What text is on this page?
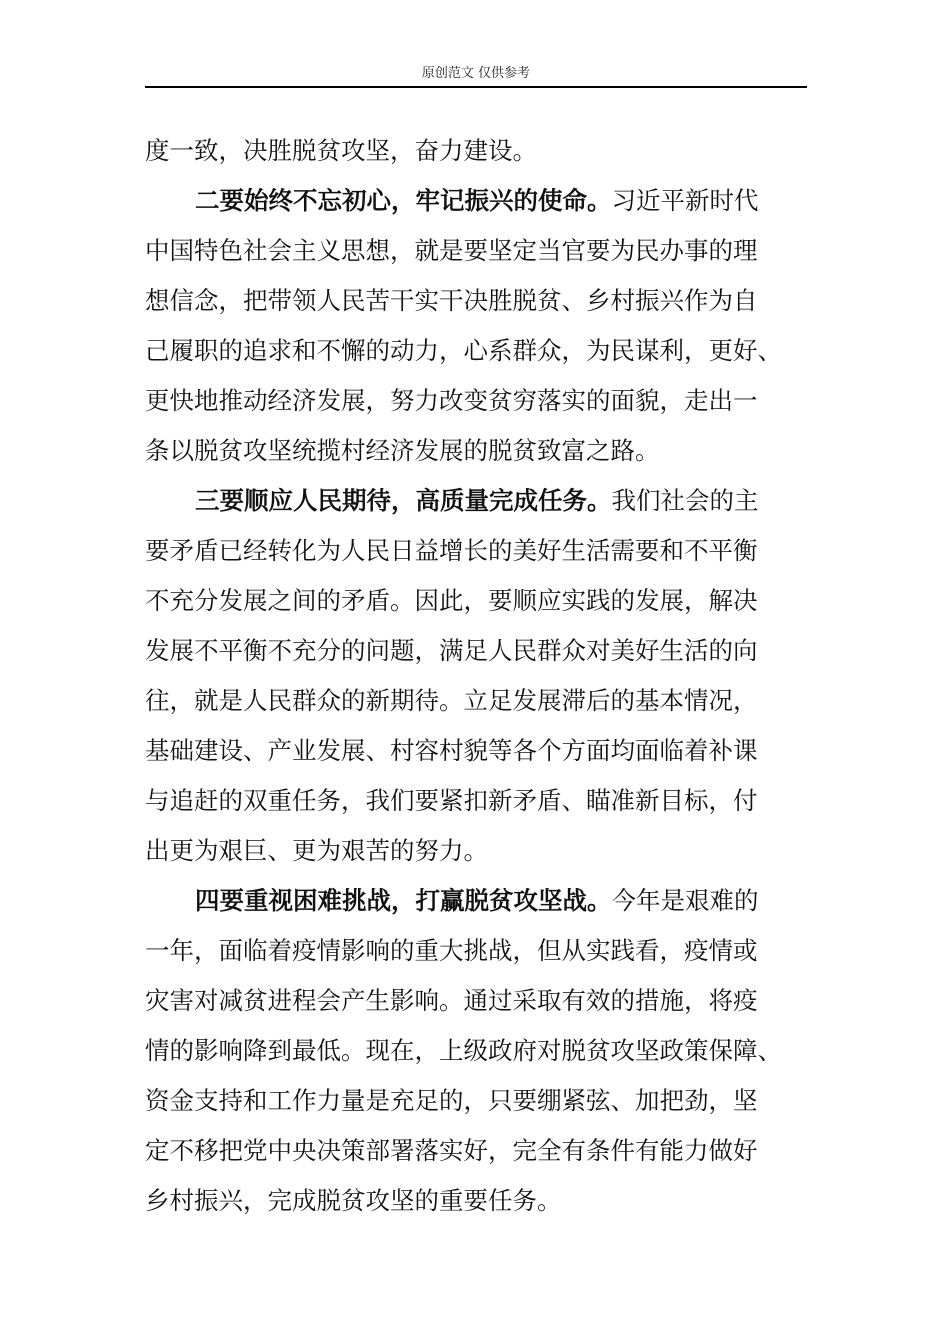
原创范文 仅供参考
度一致，决胜脱贫攻坚，奋力建设。
二要始终不忘初心，牢记振兴的使命。习近平新时代
中国特色社会主义思想，就是要坚定当官要为民办事的理
想信念，把带领人民苦干实干决胜脱贫、乡村振兴作为自
己履职的追求和不懈的动力，心系群众，为民谋利，更好、
更快地推动经济发展，努力改变贫穷落实的面貌，走出一
条以脱贫攻坚统揽村经济发展的脱贫致富之路。
三要顺应人民期待，高质量完成任务。我们社会的主
要矛盾已经转化为人民日益增长的美好生活需要和不平衡
不充分发展之间的矛盾。因此，要顺应实践的发展，解决
发展不平衡不充分的问题，满足人民群众对美好生活的向
往，就是人民群众的新期待。立足发展滞后的基本情况，
基础建设、产业发展、村容村貌等各个方面均面临着补课
与追赶的双重任务，我们要紧扣新矛盾、瞄准新目标，付
出更为艰巨、更为艰苦的努力。
四要重视困难挑战，打赢脱贫攻坚战。今年是艰难的
一年，面临着疫情影响的重大挑战，但从实践看，疫情或
灾害对减贫进程会产生影响。通过采取有效的措施，将疫
情的影响降到最低。现在，上级政府对脱贫攻坚政策保障、
资金支持和工作力量是充足的，只要绷紧弦、加把劲，坚
定不移把党中央决策部署落实好，完全有条件有能力做好
乡村振兴，完成脱贫攻坚的重要任务。
